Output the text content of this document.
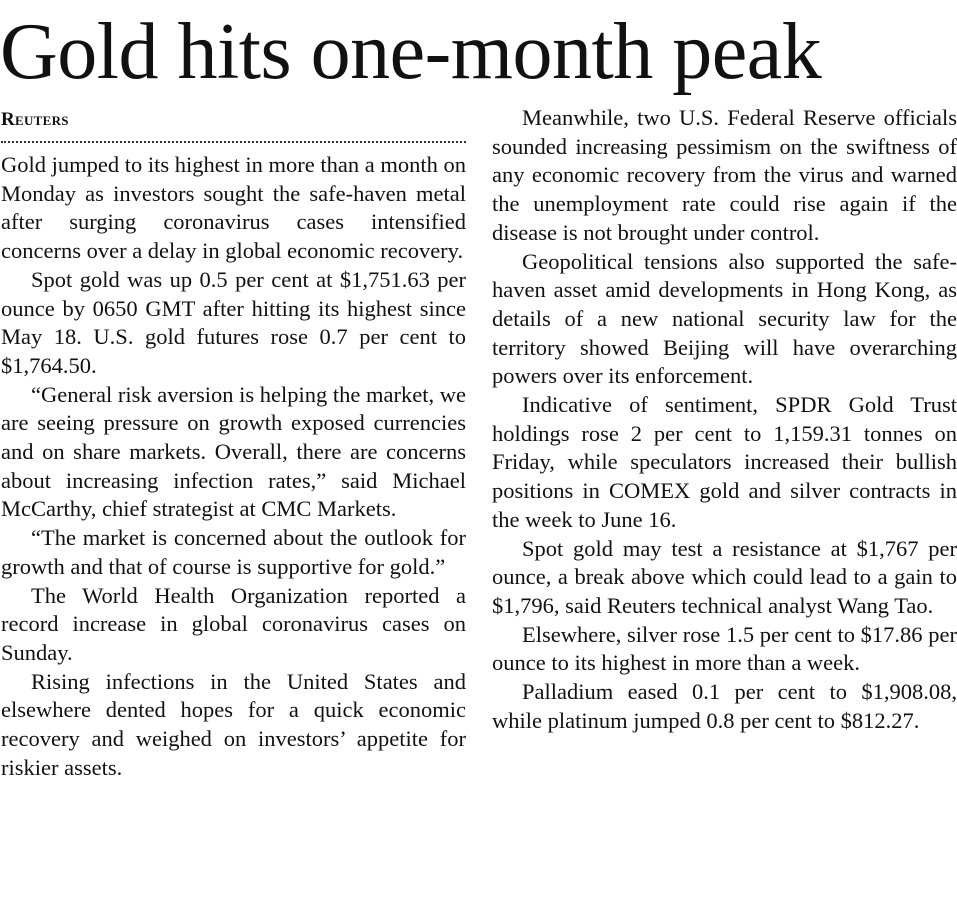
Gold hits one-month peak
Reuters

Gold jumped to its highest in more than a month on Monday as investors sought the safe-haven metal after surging coronavirus cases intensified concerns over a delay in global economic recovery.

Spot gold was up 0.5 per cent at $1,751.63 per ounce by 0650 GMT after hitting its highest since May 18. U.S. gold futures rose 0.7 per cent to $1,764.50.

“General risk aversion is helping the market, we are seeing pressure on growth exposed currencies and on share markets. Overall, there are concerns about increasing infection rates,” said Michael McCarthy, chief strategist at CMC Markets.

“The market is concerned about the outlook for growth and that of course is supportive for gold.”

The World Health Organization reported a record increase in global coronavirus cases on Sunday.

Rising infections in the United States and elsewhere dented hopes for a quick economic recovery and weighed on investors’ appetite for riskier assets.

Meanwhile, two U.S. Federal Reserve officials sounded increasing pessimism on the swiftness of any economic recovery from the virus and warned the unemployment rate could rise again if the disease is not brought under control.

Geopolitical tensions also supported the safe-haven asset amid developments in Hong Kong, as details of a new national security law for the territory showed Beijing will have overarching powers over its enforcement.

Indicative of sentiment, SPDR Gold Trust holdings rose 2 per cent to 1,159.31 tonnes on Friday, while speculators increased their bullish positions in COMEX gold and silver contracts in the week to June 16.

Spot gold may test a resistance at $1,767 per ounce, a break above which could lead to a gain to $1,796, said Reuters technical analyst Wang Tao.

Elsewhere, silver rose 1.5 per cent to $17.86 per ounce to its highest in more than a week.

Palladium eased 0.1 per cent to $1,908.08, while platinum jumped 0.8 per cent to $812.27.
